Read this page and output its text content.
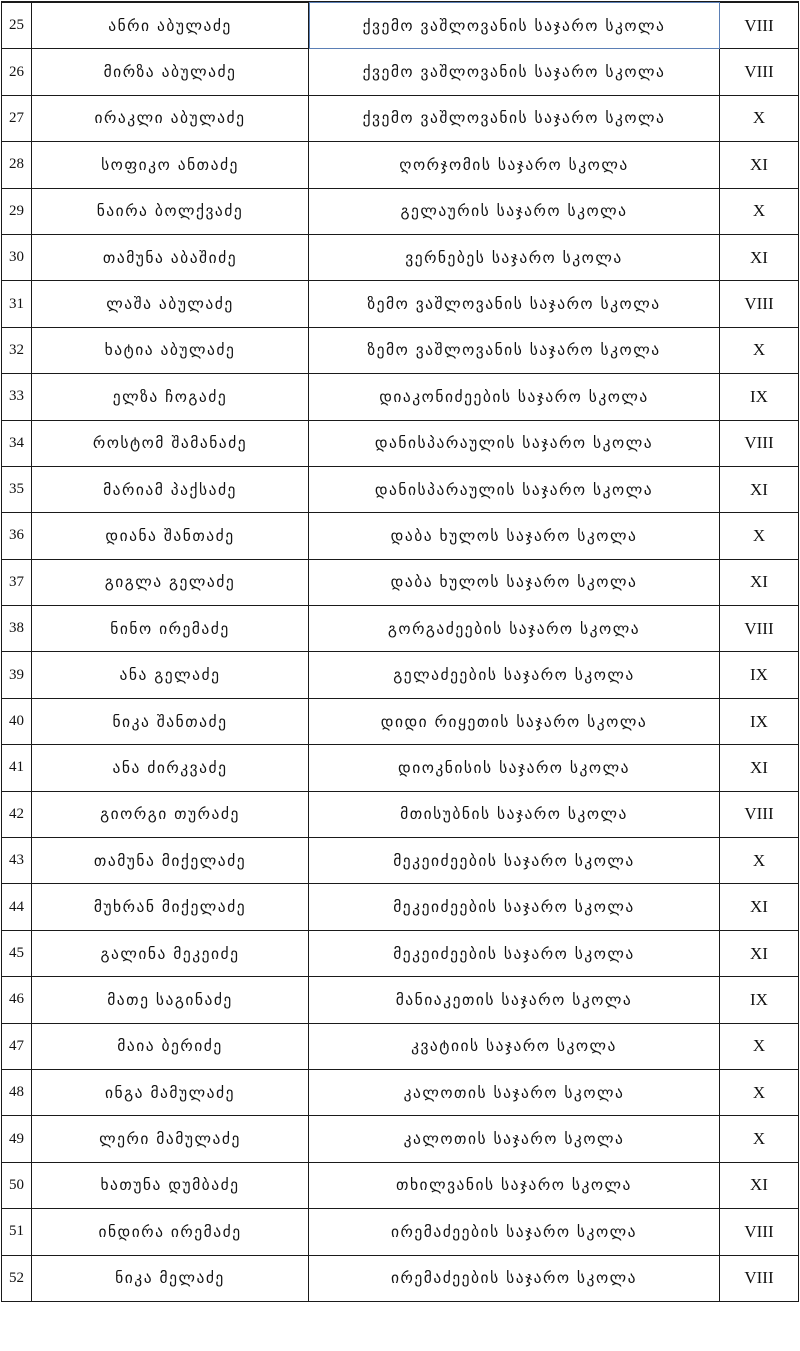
25	ანრი აბულაძე	ქვემო ვაშლოვანის საჯარო სკოლა	VIII
26	მირზა აბულაძე	ქვემო ვაშლოვანის საჯარო სკოლა	VIII
27	ირაკლი აბულაძე	ქვემო ვაშლოვანის საჯარო სკოლა	X
28	სოფიკო ანთაძე	ღორჯომის საჯარო სკოლა	XI
29	ნაირა ბოლქვაძე	გელაურის საჯარო სკოლა	X
30	თამუნა აბაშიძე	ვერნებეს საჯარო სკოლა	XI
31	ლაშა აბულაძე	ზემო ვაშლოვანის საჯარო სკოლა	VIII
32	ხატია აბულაძე	ზემო ვაშლოვანის საჯარო სკოლა	X
33	ელზა ჩოგაძე	დიაკონიძეების საჯარო სკოლა	IX
34	როსტომ შამანაძე	დანისპარაულის საჯარო სკოლა	VIII
35	მარიამ პაქსაძე	დანისპარაულის საჯარო სკოლა	XI
36	დიანა შანთაძე	დაბა ხულოს საჯარო სკოლა	X
37	გიგლა გელაძე	დაბა ხულოს საჯარო სკოლა	XI
38	ნინო ირემაძე	გორგაძეების საჯარო სკოლა	VIII
39	ანა გელაძე	გელაძეების საჯარო სკოლა	IX
40	ნიკა შანთაძე	დიდი რიყეთის საჯარო სკოლა	IX
41	ანა ძირკვაძე	დიოკნისის საჯარო სკოლა	XI
42	გიორგი თურაძე	მთისუბნის საჯარო სკოლა	VIII
43	თამუნა მიქელაძე	მეკეიძეების საჯარო სკოლა	X
44	მუხრან მიქელაძე	მეკეიძეების საჯარო სკოლა	XI
45	გალინა მეკეიძე	მეკეიძეების საჯარო სკოლა	XI
46	მათე საგინაძე	მანიაკეთის საჯარო სკოლა	IX
47	მაია ბერიძე	კვატიის საჯარო სკოლა	X
48	ინგა მამულაძე	კალოთის საჯარო სკოლა	X
49	ლერი მამულაძე	კალოთის საჯარო სკოლა	X
50	ხათუნა დუმბაძე	თხილვანის საჯარო სკოლა	XI
51	ინდირა ირემაძე	ირემაძეების საჯარო სკოლა	VIII
52	ნიკა მელაძე	ირემაძეების საჯარო სკოლა	VIII
